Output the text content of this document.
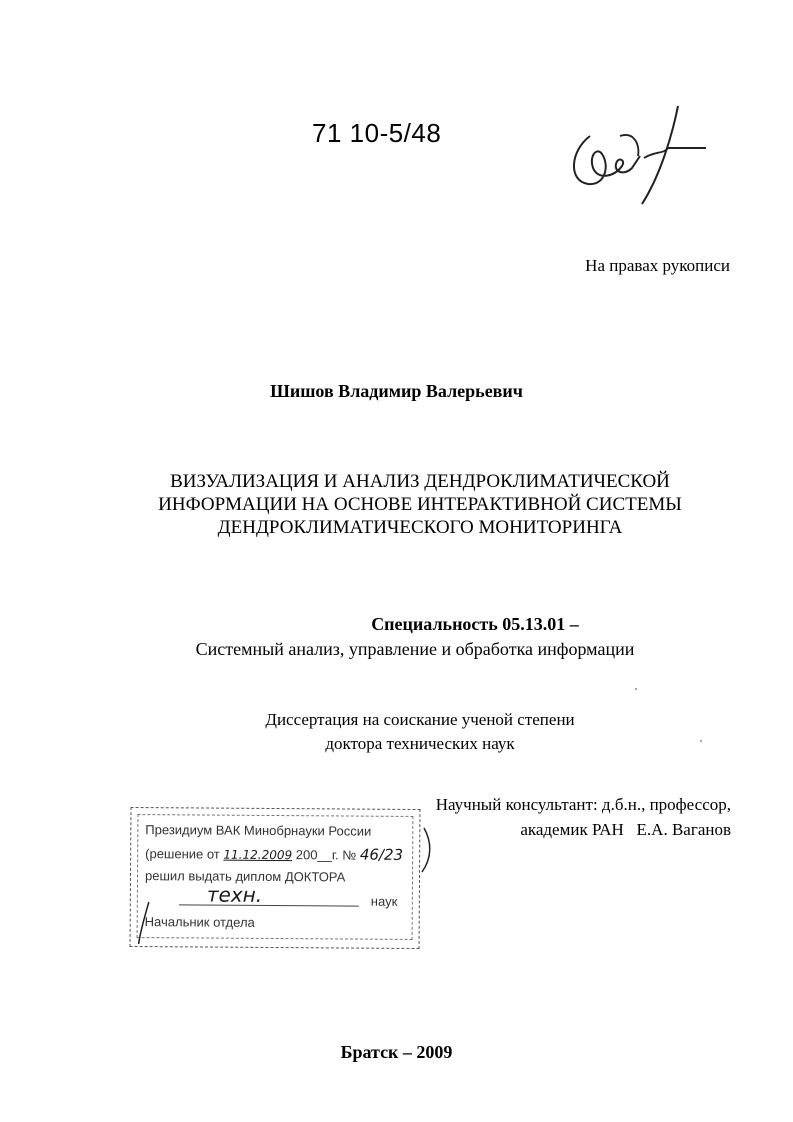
71 10-5/48
На правах рукописи
Шишов Владимир Валерьевич
ВИЗУАЛИЗАЦИЯ И АНАЛИЗ ДЕНДРОКЛИМАТИЧЕСКОЙ
ИНФОРМАЦИИ НА ОСНОВЕ ИНТЕРАКТИВНОЙ СИСТЕМЫ
ДЕНДРОКЛИМАТИЧЕСКОГО МОНИТОРИНГА
Специальность 05.13.01 –
Системный анализ, управление и обработка информации
Диссертация на соискание ученой степени
доктора технических наук
Научный консультант: д.б.н., профессор,
академик РАН   Е.А. Ваганов
Президиум ВАК Минобрнауки России
(решение от 11.12.2009 200__г. № 46/23
решил выдать диплом ДОКТОРА
техн.	наук
Начальник отдела
Братск – 2009
